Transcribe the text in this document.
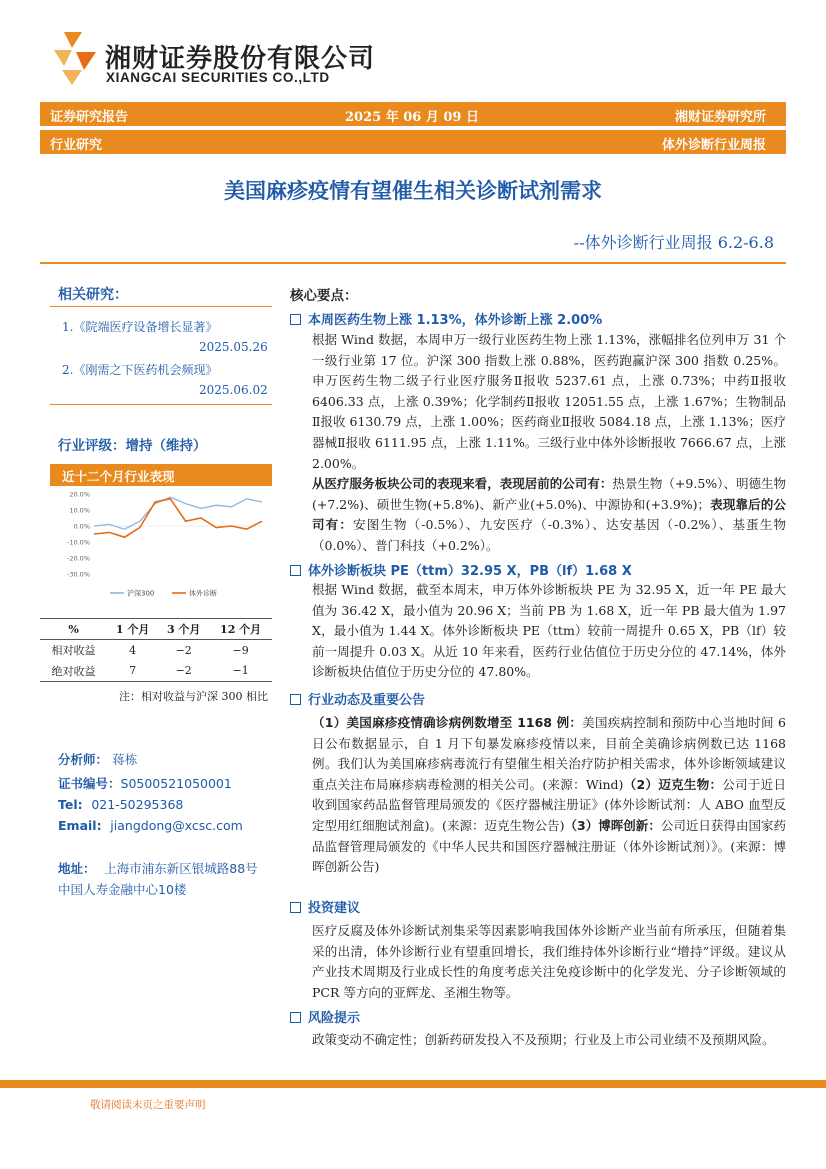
湘财证券股份有限公司
XIANGCAI SECURITIES CO.,LTD
证券研究报告	2025 年 06 月 09 日	湘财证券研究所
行业研究	体外诊断行业周报
美国麻疹疫情有望催生相关诊断试剂需求
--体外诊断行业周报 6.2-6.8
相关研究：
1.《院端医疗设备增长显著》
2025.05.26
2.《刚需之下医药机会频现》
2025.06.02
行业评级：增持（维持）
近十二个月行业表现
20.0%
10.0%
0.0%
-10.0%
-20.0%
-30.0%
沪深300	体外诊断
%	1 个月	3 个月	12 个月
相对收益	4	−2	−9
绝对收益	7	−2	−1
注：相对收益与沪深 300 相比
分析师： 蒋栋
证书编号：S0500521050001
Tel: 021-50295368
Email: jiangdong@xcsc.com
地址： 上海市浦东新区银城路88号
中国人寿金融中心10楼
核心要点：
本周医药生物上涨 1.13%，体外诊断上涨 2.00%
根据 Wind 数据，本周申万一级行业医药生物上涨 1.13%，涨幅排名位列申万 31 个一级行业第 17 位。沪深 300 指数上涨 0.88%，医药跑赢沪深 300 指数 0.25%。申万医药生物二级子行业医疗服务Ⅱ报收 5237.61 点，上涨 0.73%；中药Ⅱ报收 6406.33 点，上涨 0.39%；化学制药Ⅱ报收 12051.55 点，上涨 1.67%；生物制品Ⅱ报收 6130.79 点，上涨 1.00%；医药商业Ⅱ报收 5084.18 点，上涨 1.13%；医疗器械Ⅱ报收 6111.95 点，上涨 1.11%。三级行业中体外诊断报收 7666.67 点，上涨 2.00%。
从医疗服务板块公司的表现来看，表现居前的公司有：热景生物（+9.5%）、明德生物(+7.2%)、硕世生物(+5.8%)、新产业(+5.0%)、中源协和(+3.9%)；表现靠后的公司有：安图生物（-0.5%）、九安医疗（-0.3%）、达安基因（-0.2%）、基蛋生物（0.0%）、普门科技（+0.2%）。
体外诊断板块 PE（ttm）32.95 X，PB（lf）1.68 X
根据 Wind 数据，截至本周末，申万体外诊断板块 PE 为 32.95 X，近一年 PE 最大值为 36.42 X，最小值为 20.96 X；当前 PB 为 1.68 X，近一年 PB 最大值为 1.97 X，最小值为 1.44 X。体外诊断板块 PE（ttm）较前一周提升 0.65 X，PB（lf）较前一周提升 0.03 X。从近 10 年来看，医药行业估值位于历史分位的 47.14%，体外诊断板块估值位于历史分位的 47.80%。
行业动态及重要公告
（1）美国麻疹疫情确诊病例数增至 1168 例：美国疾病控制和预防中心当地时间 6 日公布数据显示，自 1 月下旬暴发麻疹疫情以来，目前全美确诊病例数已达 1168 例。我们认为美国麻疹病毒流行有望催生相关治疗防护相关需求，体外诊断领域建议重点关注布局麻疹病毒检测的相关公司。(来源：Wind)（2）迈克生物：公司于近日收到国家药品监督管理局颁发的《医疗器械注册证》(体外诊断试剂：人 ABO 血型反定型用红细胞试剂盒)。(来源：迈克生物公告)（3）博晖创新：公司近日获得由国家药品监督管理局颁发的《中华人民共和国医疗器械注册证（体外诊断试剂）》。(来源：博晖创新公告)
投资建议
医疗反腐及体外诊断试剂集采等因素影响我国体外诊断产业当前有所承压，但随着集采的出清，体外诊断行业有望重回增长，我们维持体外诊断行业“增持”评级。建议从产业技术周期及行业成长性的角度考虑关注免疫诊断中的化学发光、分子诊断领域的 PCR 等方向的亚辉龙、圣湘生物等。
风险提示
政策变动不确定性；创新药研发投入不及预期；行业及上市公司业绩不及预期风险。
敬请阅读末页之重要声明
